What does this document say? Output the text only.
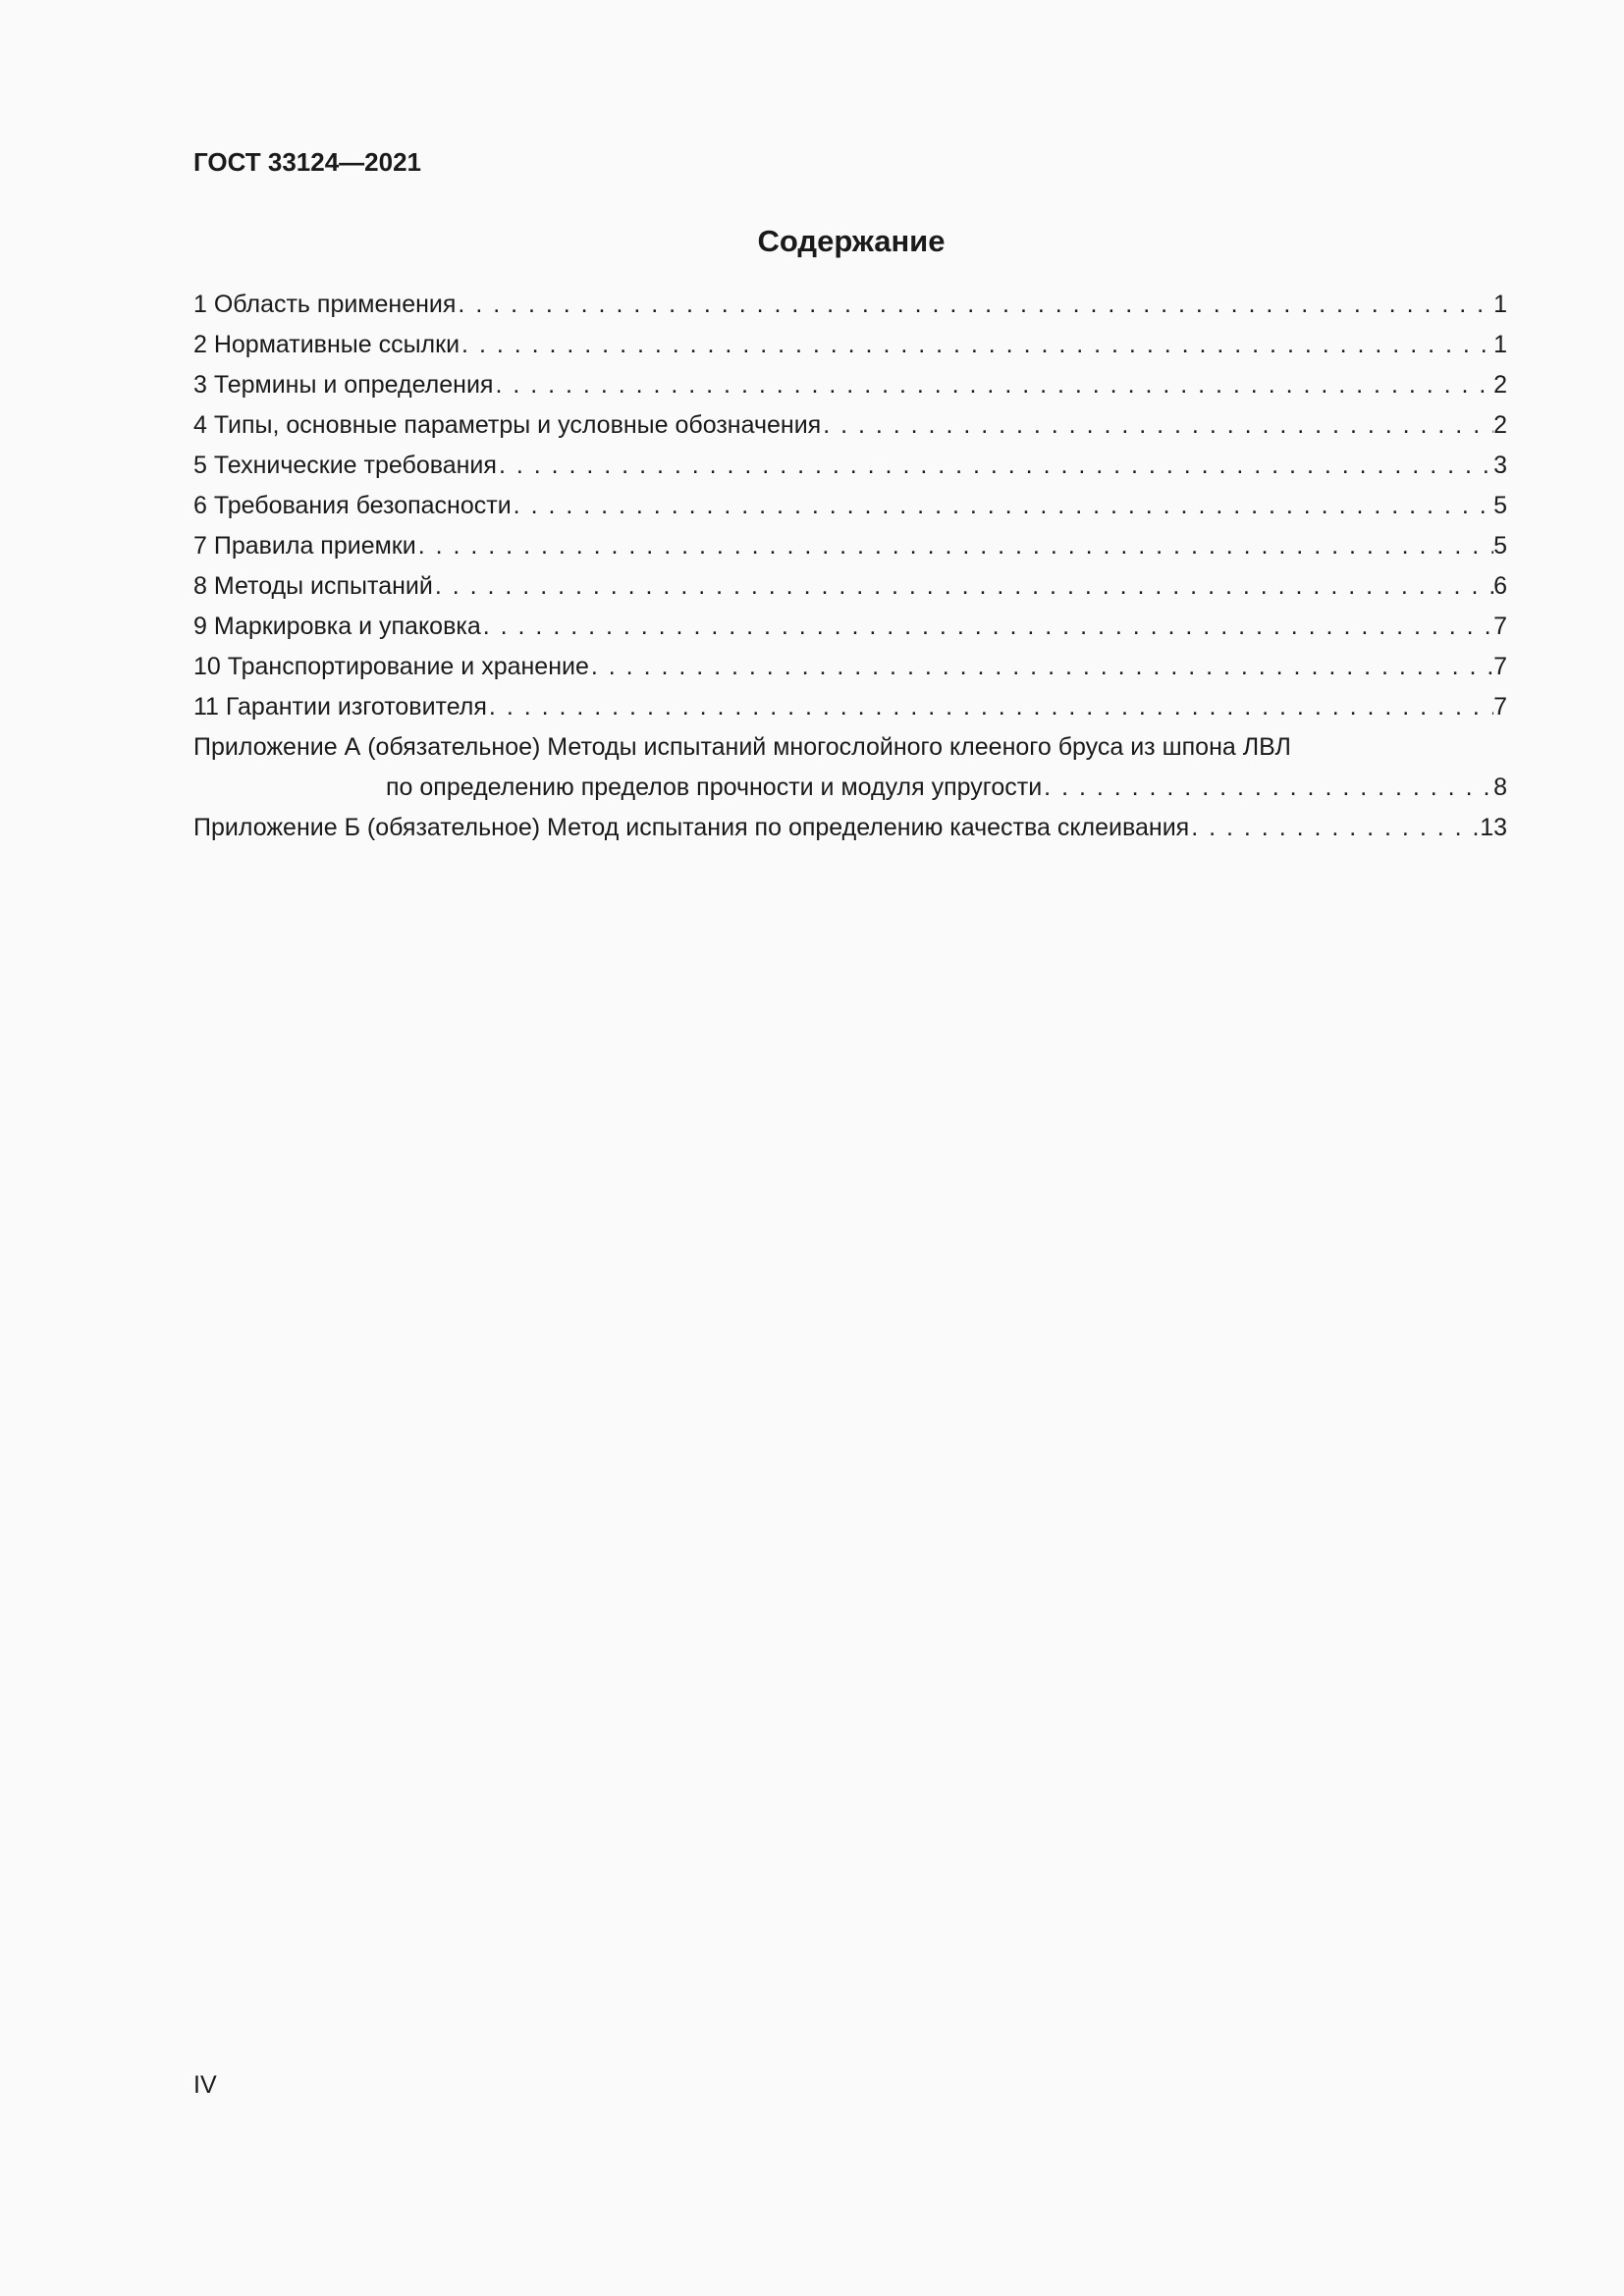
ГОСТ 33124—2021
Содержание
1 Область применения . . .	1
2 Нормативные ссылки . . .	1
3 Термины и определения . . .	2
4 Типы, основные параметры и условные обозначения . . .	2
5 Технические требования . . .	3
6 Требования безопасности . . .	5
7 Правила приемки . . .	5
8 Методы испытаний . . .	6
9 Маркировка и упаковка . . .	7
10 Транспортирование и хранение . . .	7
11 Гарантии изготовителя . . .	7
Приложение А (обязательное) Методы испытаний многослойного клееного бруса из шпона ЛВЛ
по определению пределов прочности и модуля упругости . . .	8
Приложение Б (обязательное) Метод испытания по определению качества склеивания . . .	13
IV
